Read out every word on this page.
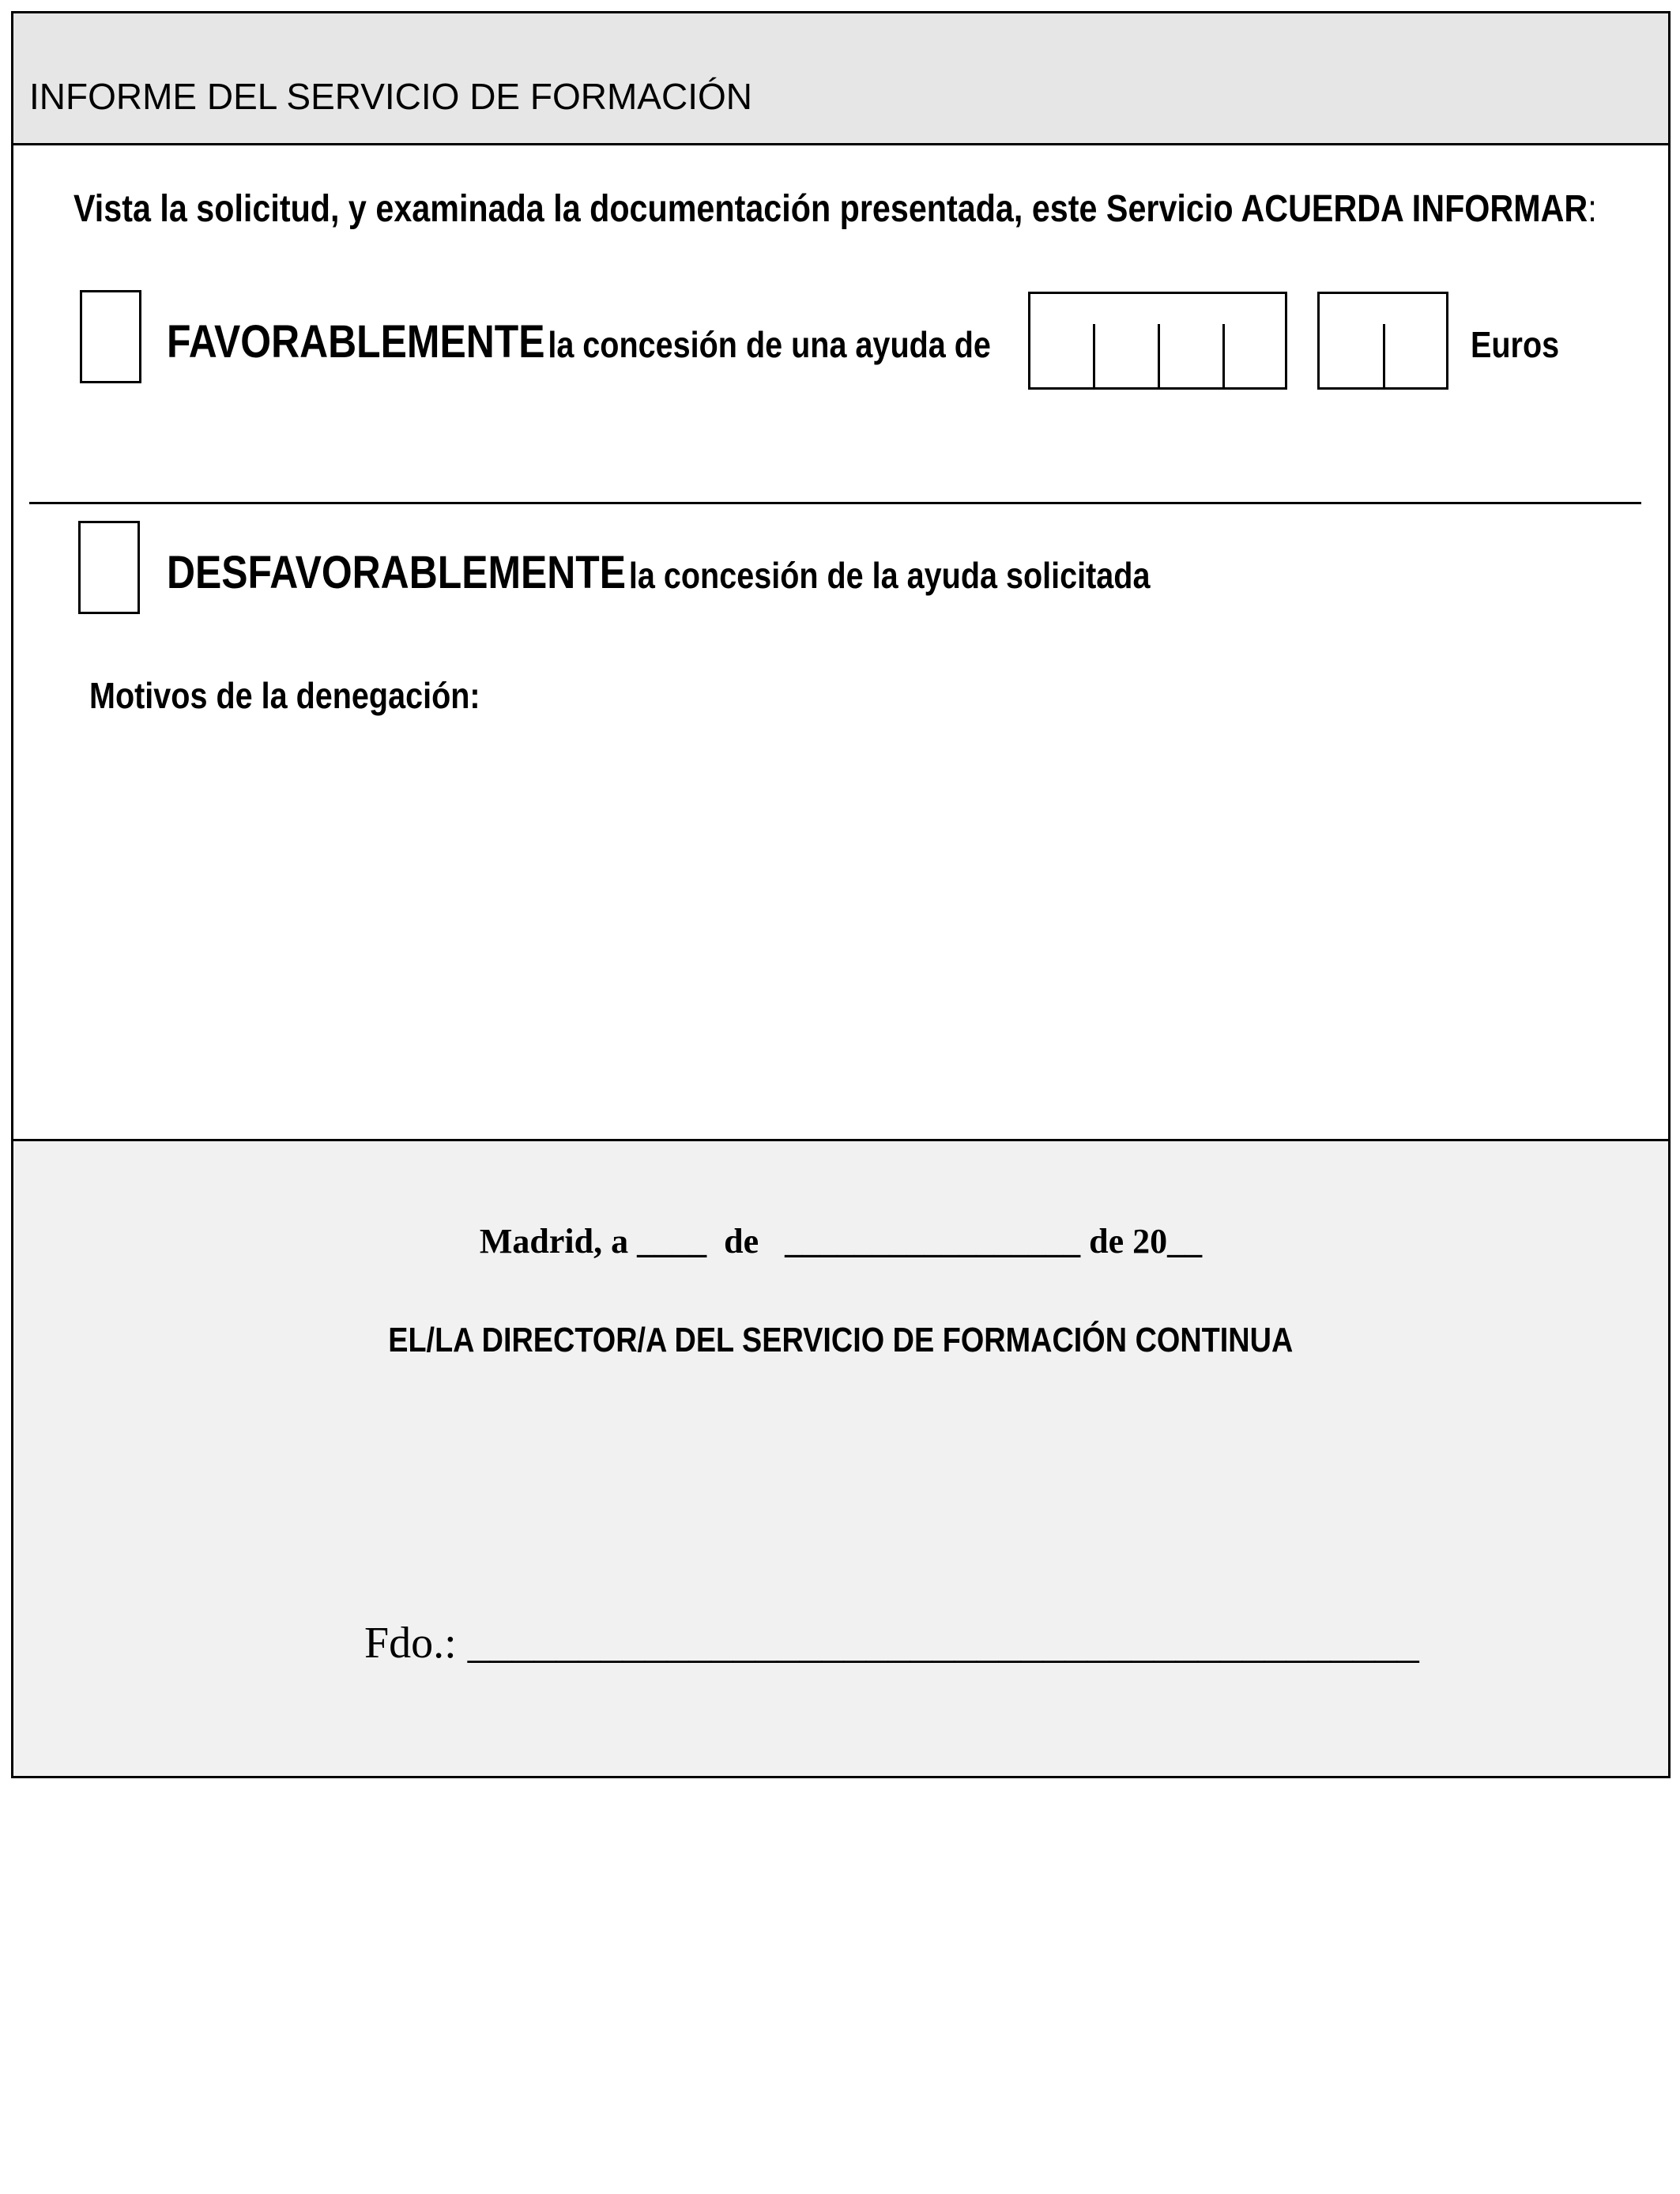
INFORME DEL SERVICIO DE FORMACIÓN
Vista la solicitud, y examinada la documentación presentada, este Servicio ACUERDA INFORMAR:
FAVORABLEMENTE la concesión de una ayuda de	Euros
DESFAVORABLEMENTE la concesión de la ayuda solicitada
Motivos de la denegación:
Madrid, a ____  de   _________________ de 20__
EL/LA DIRECTOR/A DEL SERVICIO DE FORMACIÓN CONTINUA
Fdo.: ___________________________________________
